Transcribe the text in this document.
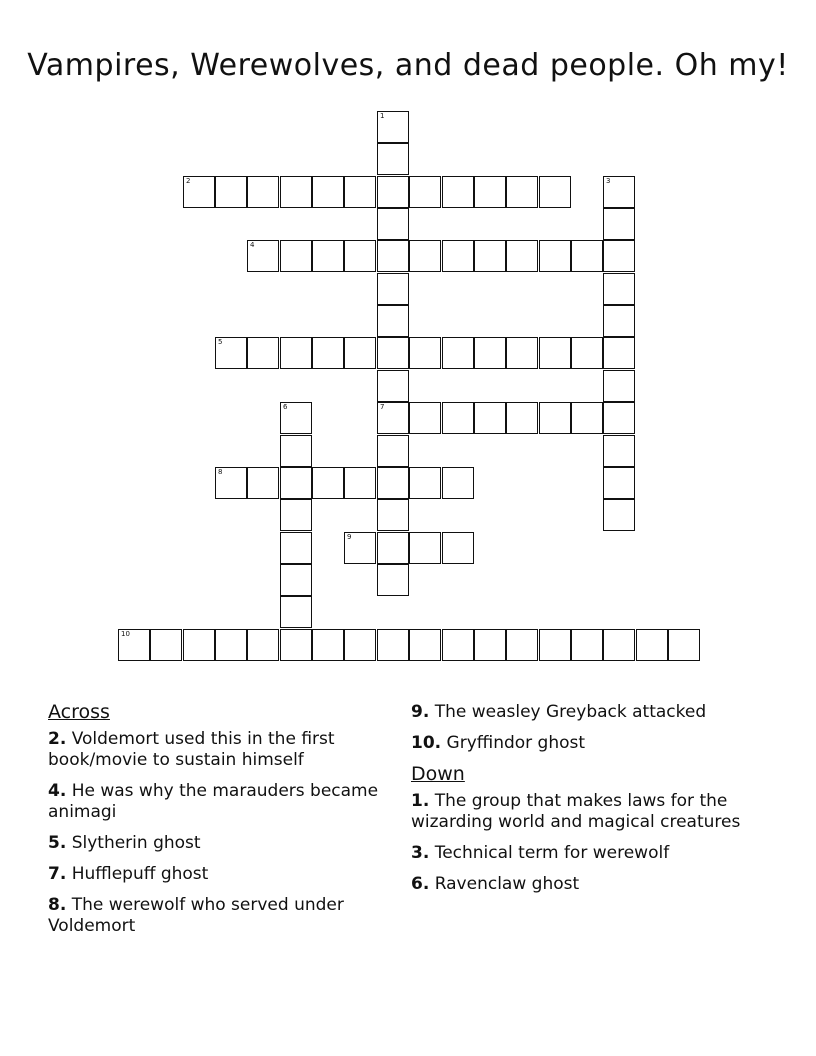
Vampires, Werewolves, and dead people. Oh my!
1
7
2	3
4
5
6
8
9
10
Across
2. Voldemort used this in the first book/movie to sustain himself
4. He was why the marauders became animagi
5. Slytherin ghost
7. Hufflepuff ghost
8. The werewolf who served under Voldemort
9. The weasley Greyback attacked
10. Gryffindor ghost
Down
1. The group that makes laws for the wizarding world and magical creatures
3. Technical term for werewolf
6. Ravenclaw ghost
